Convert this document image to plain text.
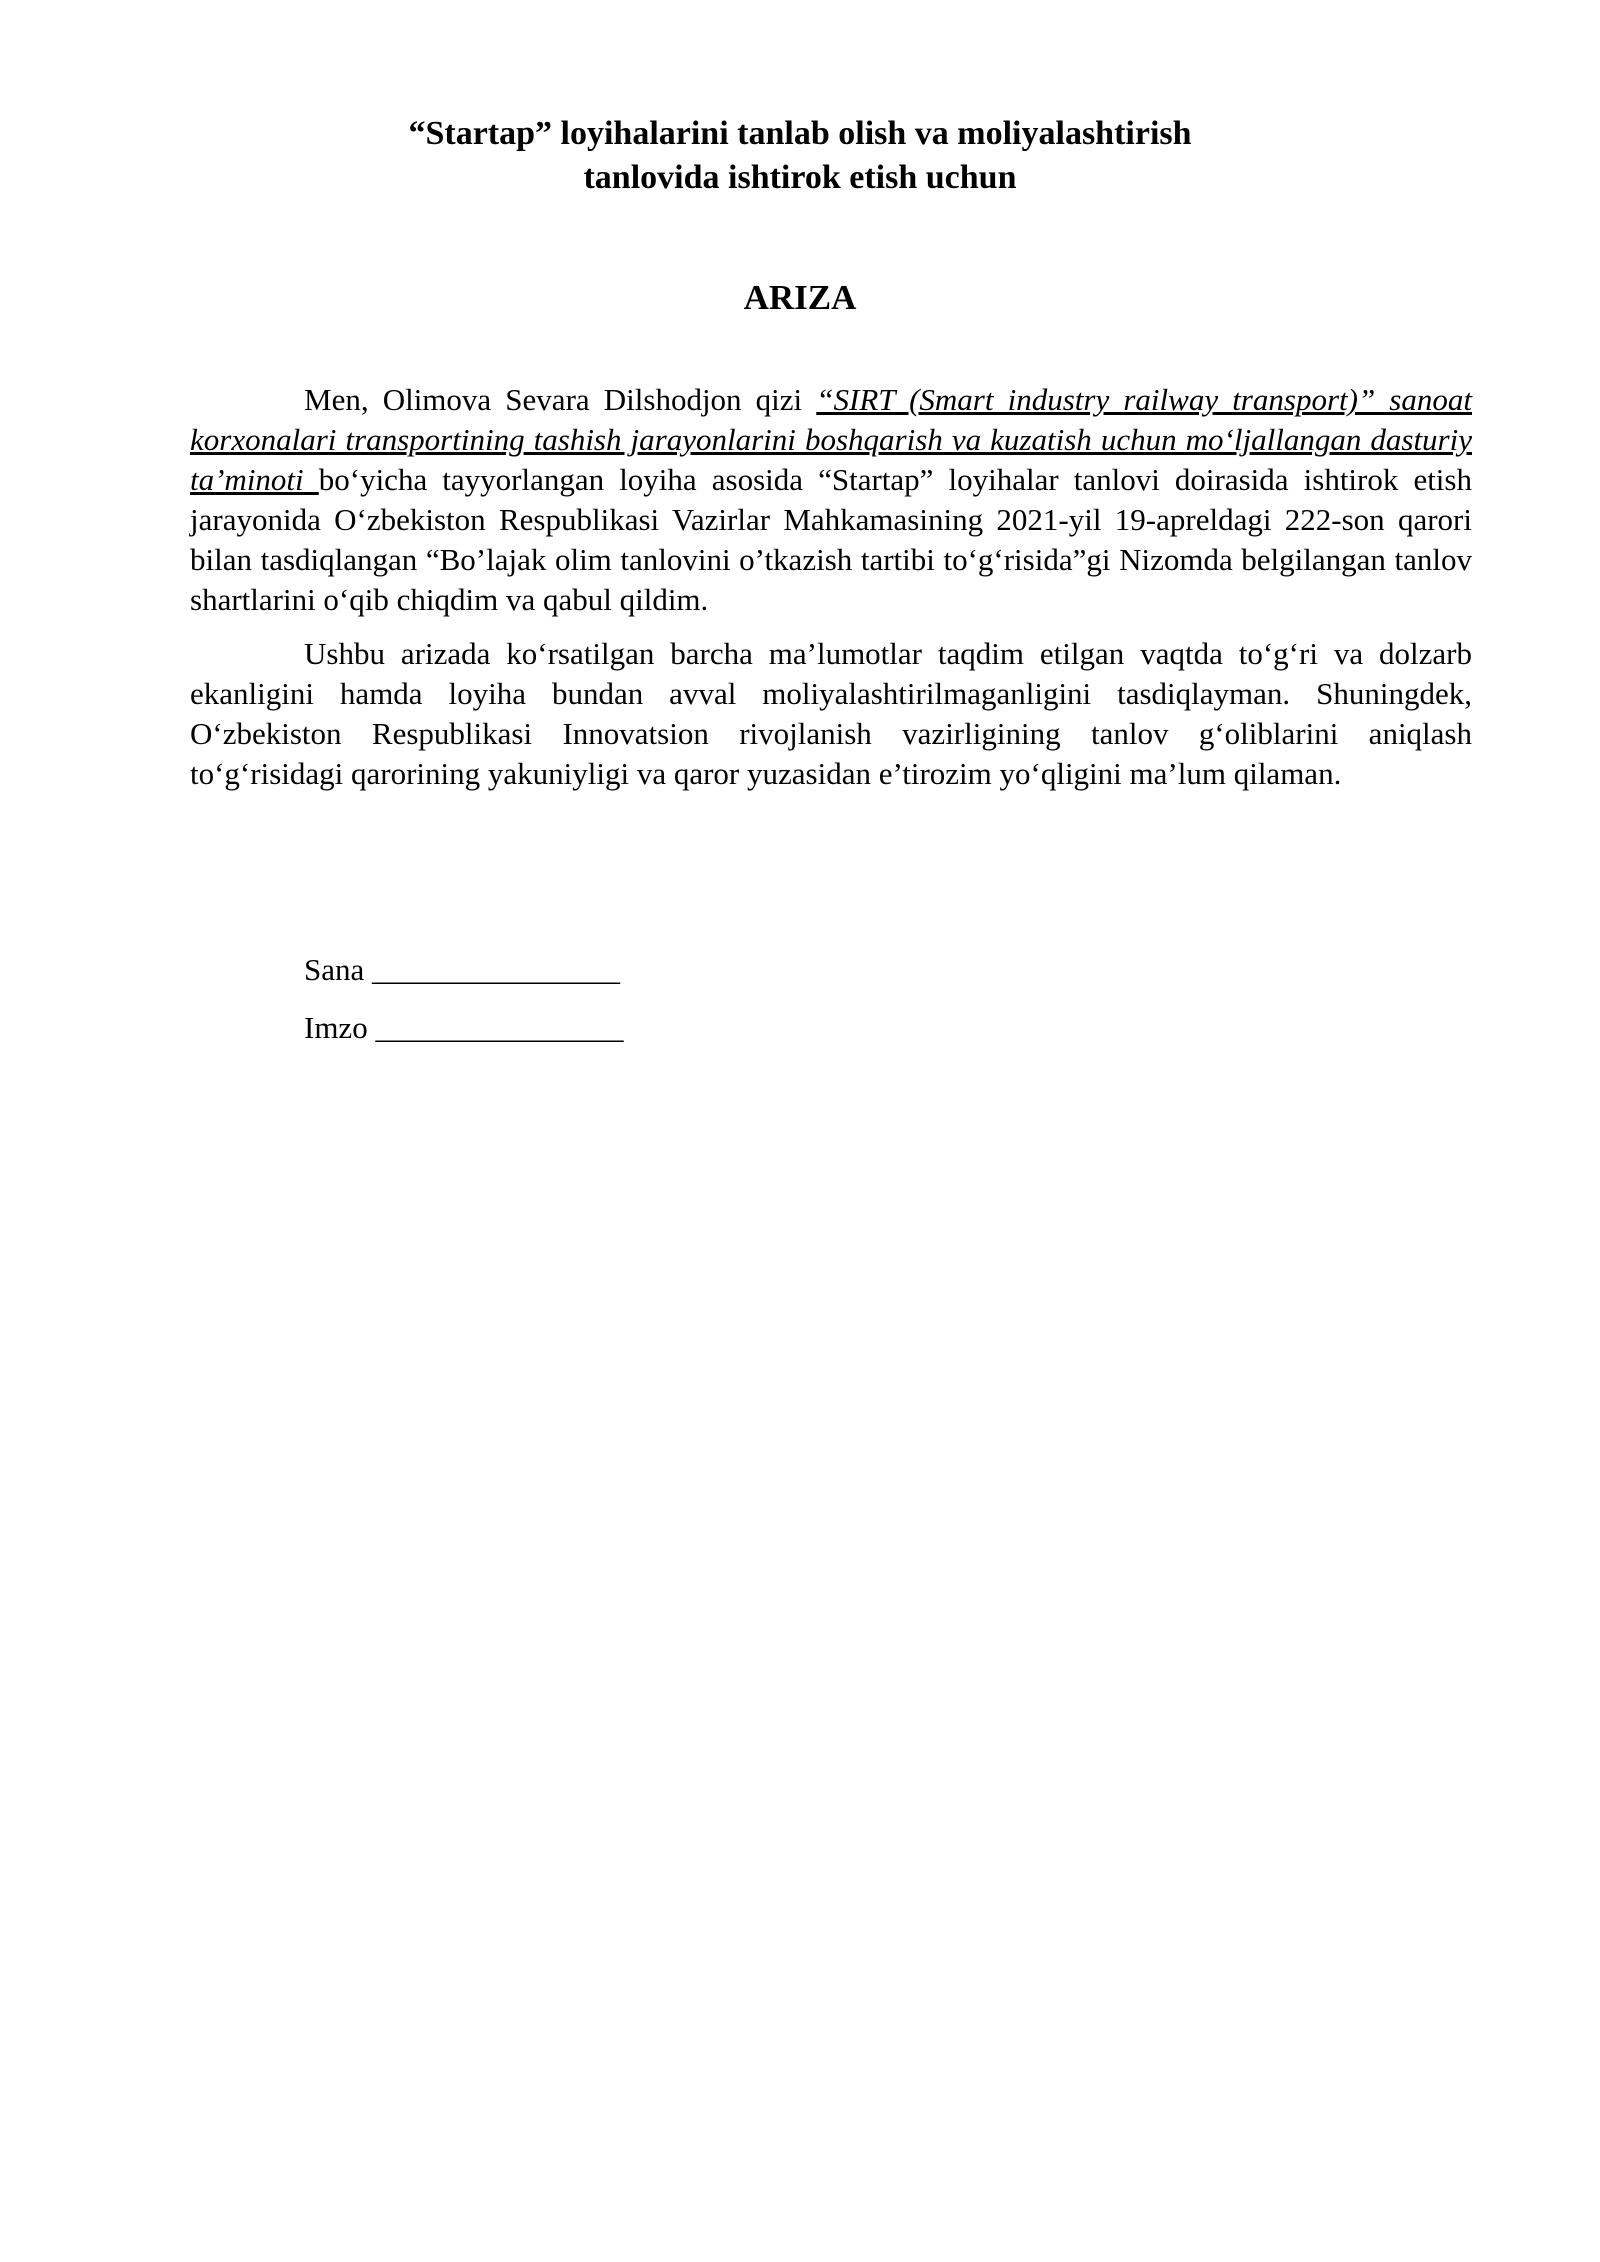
“Startap” loyihalarini tanlab olish va moliyalashtirish
tanlovida ishtirok etish uchun
ARIZA

Men, Olimova Sevara Dilshodjon qizi “SIRT (Smart industry railway transport)” sanoat korxonalari transportining tashish jarayonlarini boshqarish va kuzatish uchun mo‘ljallangan dasturiy ta’minoti bo‘yicha tayyorlangan loyiha asosida “Startap” loyihalar tanlovi doirasida ishtirok etish jarayonida O‘zbekiston Respublikasi Vazirlar Mahkamasining 2021-yil 19-apreldagi 222-son qarori bilan tasdiqlangan “Bo’lajak olim tanlovini o’tkazish tartibi to‘g‘risida”gi Nizomda belgilangan tanlov shartlarini o‘qib chiqdim va qabul qildim.

Ushbu arizada ko‘rsatilgan barcha ma’lumotlar taqdim etilgan vaqtda to‘g‘ri va dolzarb ekanligini hamda loyiha bundan avval moliyalashtirilmaganligini tasdiqlayman. Shuningdek, O‘zbekiston Respublikasi Innovatsion rivojlanish vazirligining tanlov g‘oliblarini aniqlash to‘g‘risidagi qarorining yakuniyligi va qaror yuzasidan e’tirozim yo‘qligini ma’lum qilaman.

Sana ________________
Imzo ________________
